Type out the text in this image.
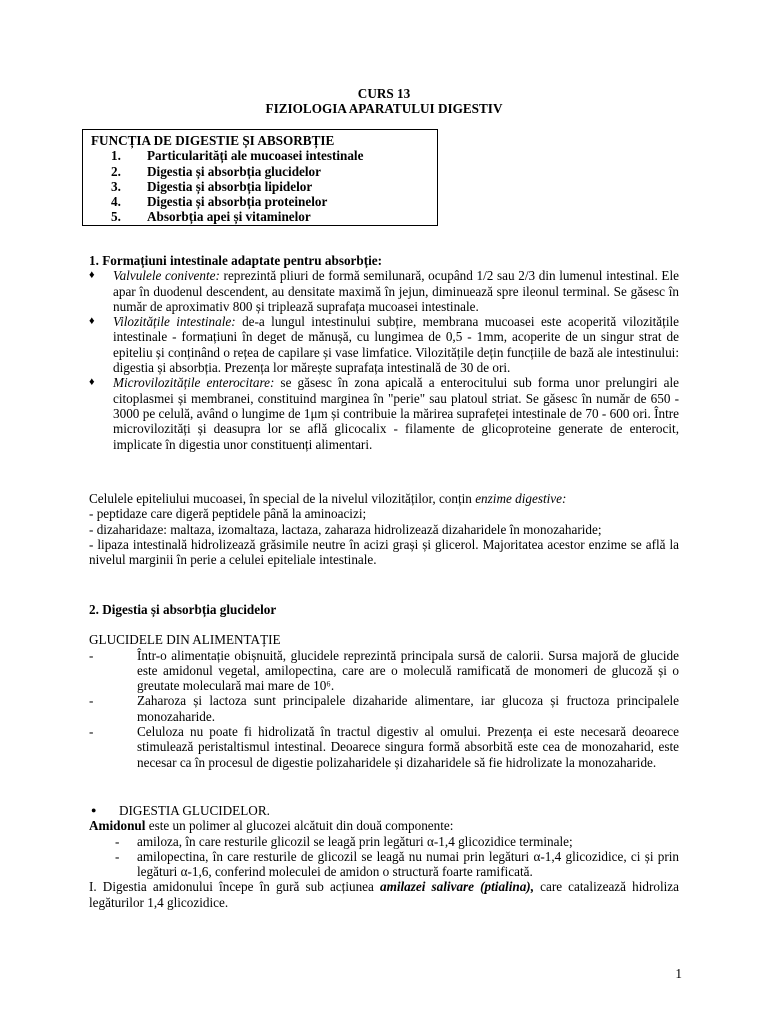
CURS 13
FIZIOLOGIA APARATULUI DIGESTIV
FUNCȚIA DE DIGESTIE ȘI ABSORBȚIE
1. Particularități ale mucoasei intestinale
2. Digestia și absorbția glucidelor
3. Digestia și absorbția lipidelor
4. Digestia și absorbția proteinelor
5. Absorbția apei și vitaminelor
1. Formațiuni intestinale adaptate pentru absorbție:
♦ Valvulele conivente: reprezintă pliuri de formă semilunară, ocupând 1/2 sau 2/3 din lumenul intestinal. Ele apar în duodenul descendent, au densitate maximă în jejun, diminuează spre ileonul terminal. Se găsesc în număr de aproximativ 800 și triplează suprafața mucoasei intestinale.
♦ Vilozitățile intestinale: de-a lungul intestinului subțire, membrana mucoasei este acoperită vilozitățile intestinale - formațiuni în deget de mănușă, cu lungimea de 0,5 - 1mm, acoperite de un singur strat de epiteliu și conținând o rețea de capilare și vase limfatice. Vilozitățile dețin funcțiile de bază ale intestinului: digestia și absorbția. Prezența lor mărește suprafața intestinală de 30 de ori.
♦ Microvilozitățile enterocitare: se găsesc în zona apicală a enterocitului sub forma unor prelungiri ale citoplasmei și membranei, constituind marginea în "perie" sau platoul striat. Se găsesc în număr de 650 - 3000 pe celulă, având o lungime de 1μm și contribuie la mărirea suprafeței intestinale de 70 - 600 ori. Între microvilozități și deasupra lor se află glicocalix - filamente de glicoproteine generate de enterocit, implicate în digestia unor constituenți alimentari.
Celulele epiteliului mucoasei, în special de la nivelul vilozităților, conțin enzime digestive:
- peptidaze care digeră peptidele până la aminoacizi;
- dizaharidaze: maltaza, izomaltaza, lactaza, zaharaza hidrolizează dizaharidele în monozaharide;
- lipaza intestinală hidrolizează grăsimile neutre în acizi grași și glicerol. Majoritatea acestor enzime se află la nivelul marginii în perie a celulei epiteliale intestinale.
2. Digestia și absorbția glucidelor
GLUCIDELE DIN ALIMENTAȚIE
-	Într-o alimentație obișnuită, glucidele reprezintă principala sursă de calorii. Sursa majoră de glucide este amidonul vegetal, amilopectina, care are o moleculă ramificată de monomeri de glucoză și o greutate moleculară mai mare de 10⁶.
-	Zaharoza și lactoza sunt principalele dizaharide alimentare, iar glucoza și fructoza principalele monozaharide.
-	Celuloza nu poate fi hidrolizată în tractul digestiv al omului. Prezența ei este necesară deoarece stimulează peristaltismul intestinal. Deoarece singura formă absorbită este cea de monozaharid, este necesar ca în procesul de digestie polizaharidele și dizaharidele să fie hidrolizate la monozaharide.
● DIGESTIA GLUCIDELOR.
Amidonul este un polimer al glucozei alcătuit din două componente:
- amiloza, în care resturile glicozil se leagă prin legături α-1,4 glicozidice terminale;
- amilopectina, în care resturile de glicozil se leagă nu numai prin legături α-1,4 glicozidice, ci și prin legături α-1,6, conferind moleculei de amidon o structură foarte ramificată.
I. Digestia amidonului începe în gură sub acțiunea amilazei salivare (ptialina), care catalizează hidroliza legăturilor 1,4 glicozidice.
1
